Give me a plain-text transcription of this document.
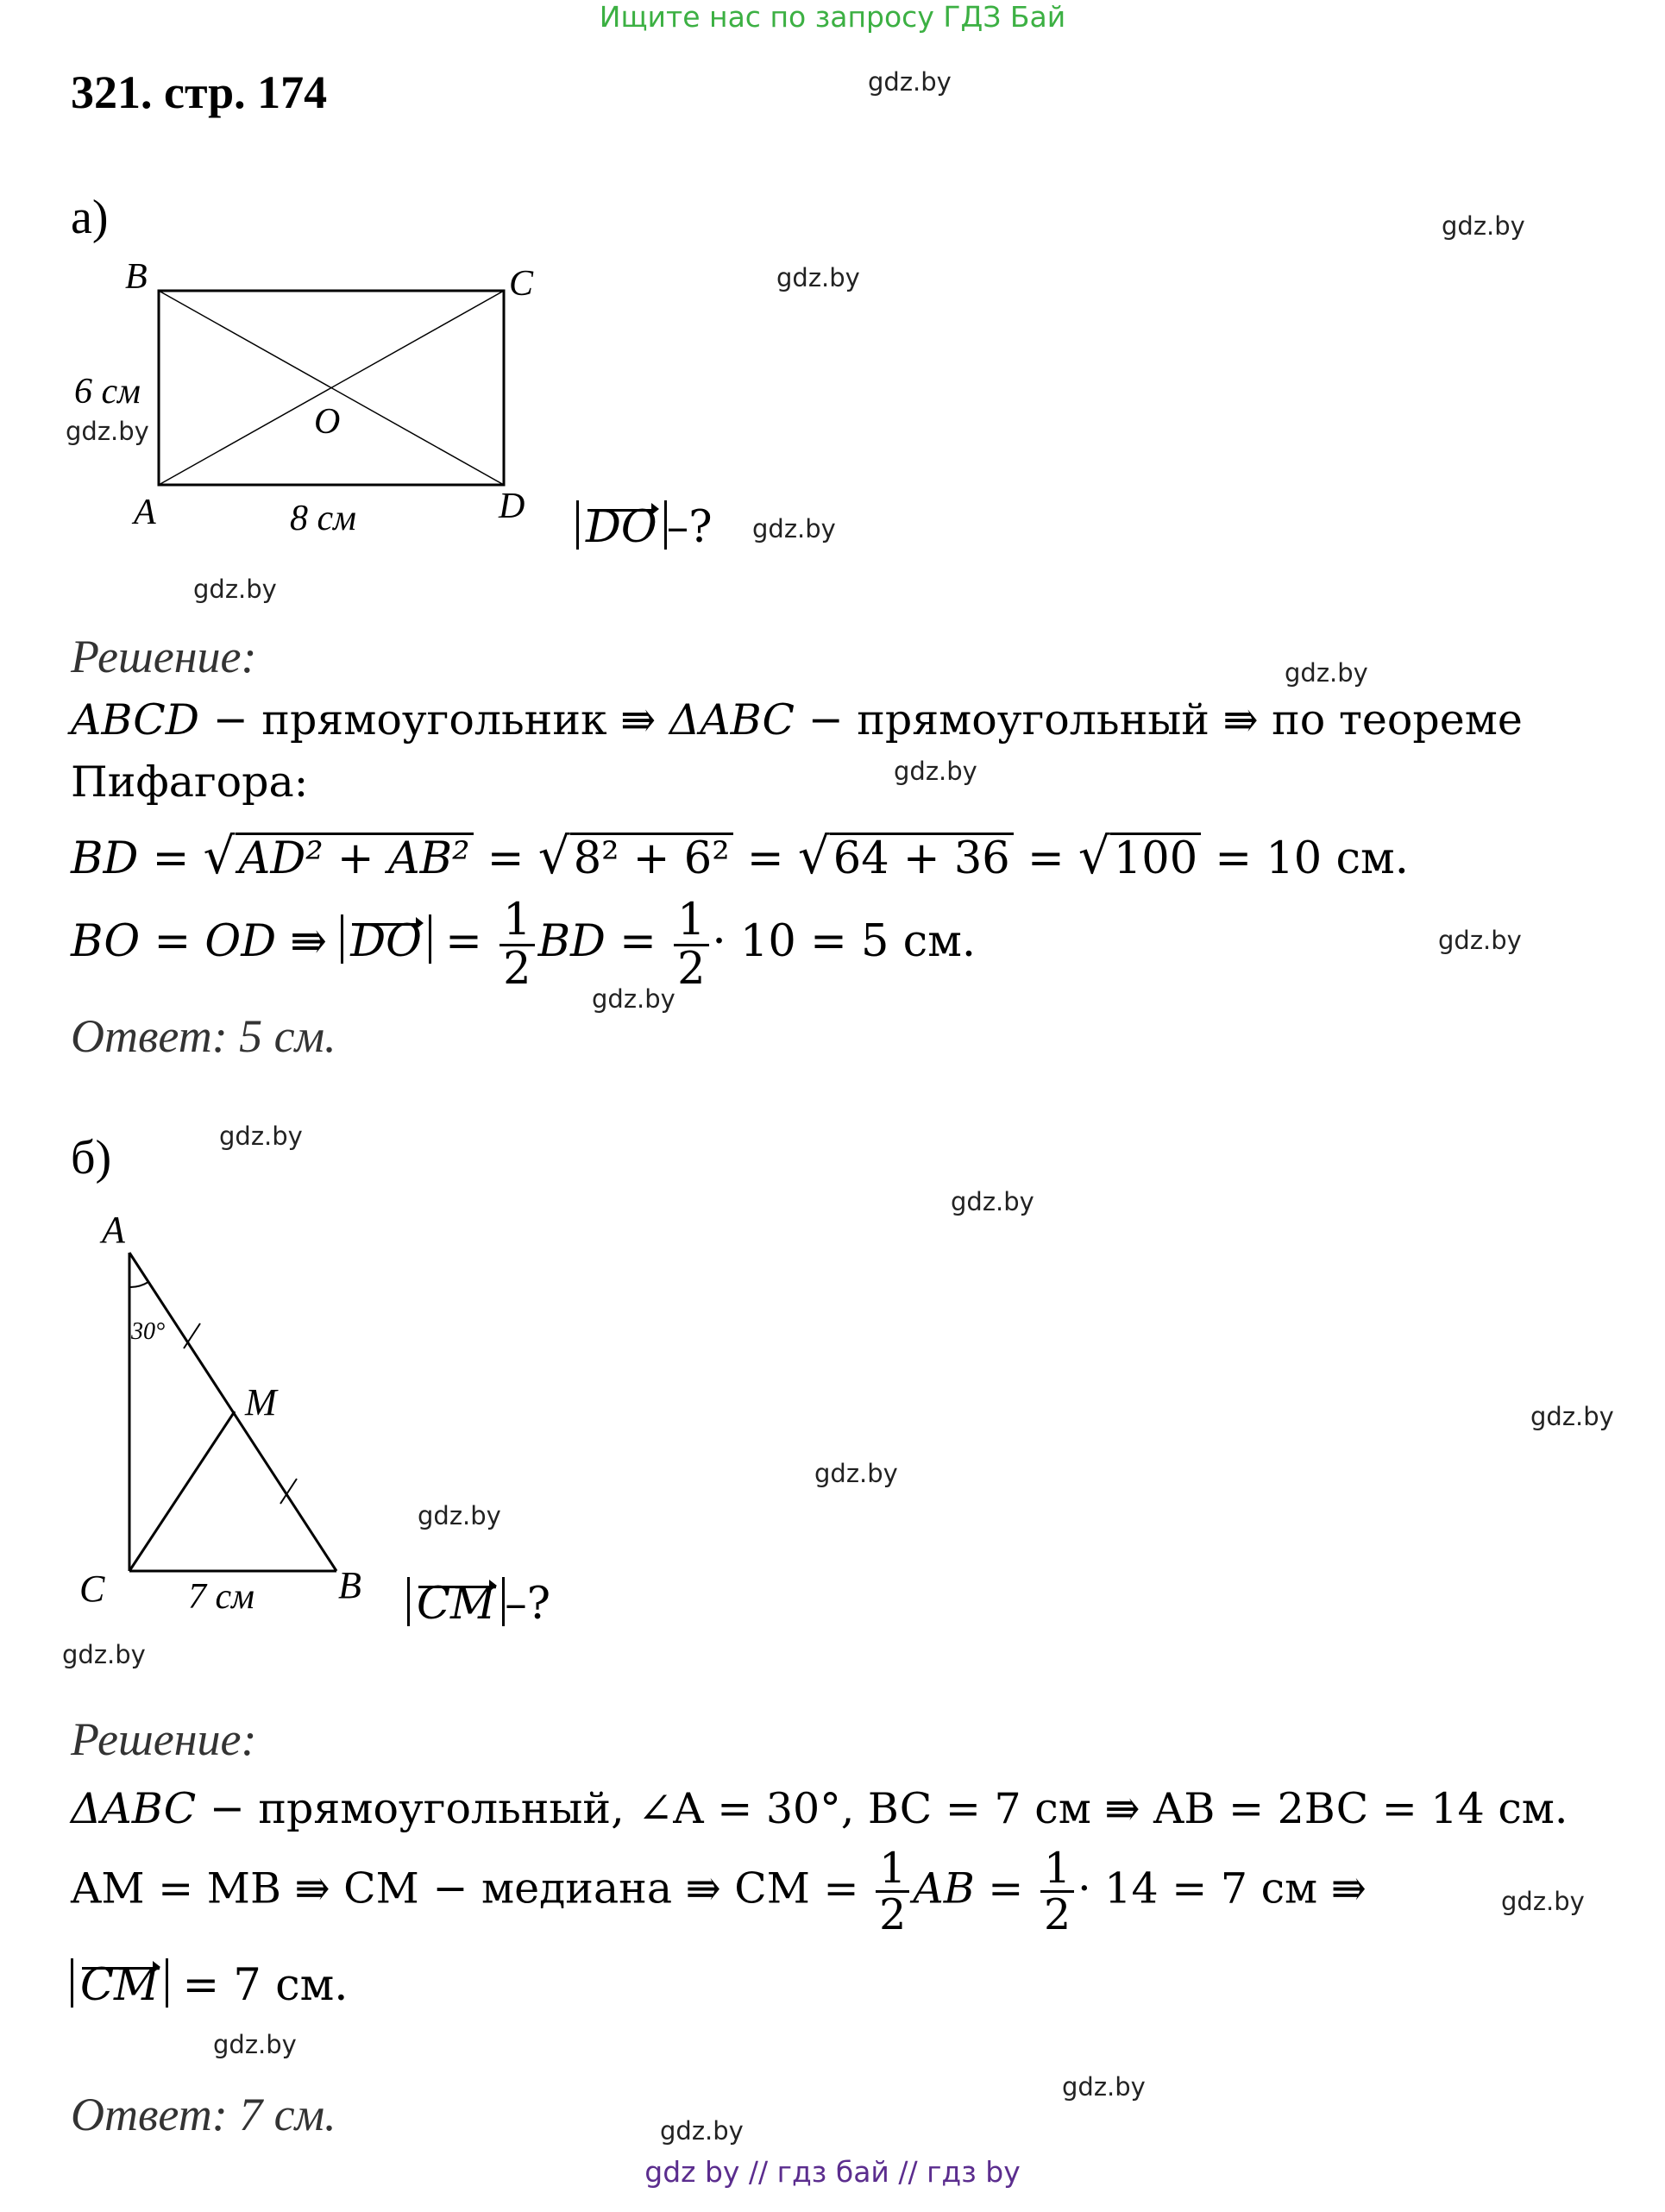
Ищите нас по запросу ГДЗ Бай
321. стр. 174	gdz.by
gdz.by
gdz.by
gdz.by
gdz.by
gdz.by
gdz.by
gdz.by
gdz.by
gdz.by
gdz.by
gdz.by
gdz.by
gdz.by
gdz.by
gdz.by
gdz.by
gdz.by
gdz.by
gdz.by
а)
B	C
A	D
O
6 см
8 см
A
M
C	B
30°
7 см
DO –?
Решение:
ABCD − прямоугольник ⇛ ΔABC − прямоугольный ⇛ по теореме
Пифагора:
BD = √AD² + AB² = √8² + 6² = √64 + 36 = √100 = 10 см.
BO = OD ⇛ DO = $\frac{1}{2}$ BD = $\frac{1}{2} \cdot 10 = 5$ см.
Ответ: 5 см.
б)
CM –?
Решение:
ΔABC − прямоугольный, ∠A = 30°, BC = 7 см ⇛ AB = 2BC = 14 см.
AM = MB ⇛ CM − медиана ⇛ CM = $\frac{1}{2}$ AB = $\frac{1}{2} \cdot 14 = 7$ см ⇛
CM = 7 см.
Ответ: 7 см.
gdz by // гдз бай // гдз by
